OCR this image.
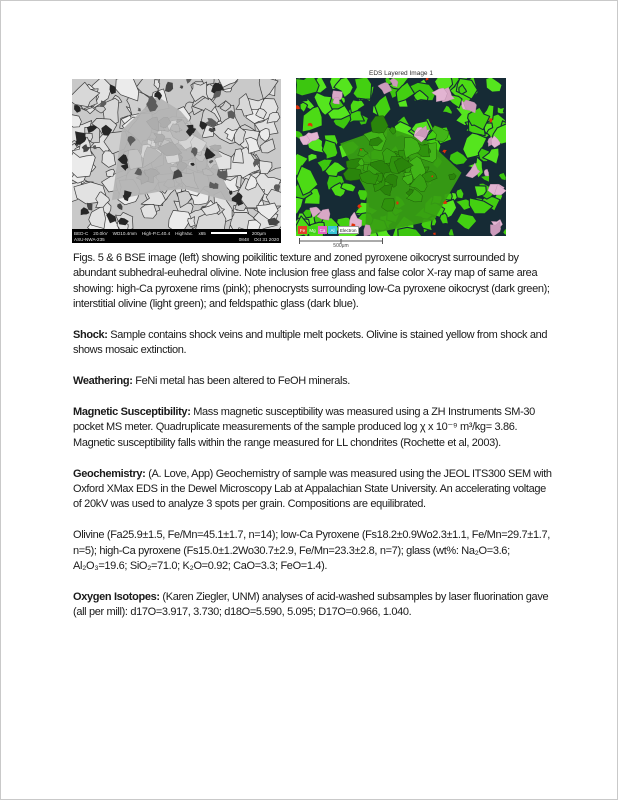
BED-C 20.0kV WD10.4mm High-P.C.40.4 HighVac. x65	200μm
ASU-NWA-235	0848 Oct 31 2020
EDS Layered Image 1
Fe Mg Ca	Al	Electron
500μm

Figs. 5 & 6 BSE image (left) showing poikilitic texture and zoned pyroxene oikocryst surrounded by abundant subhedral-euhedral olivine. Note inclusion free glass and false color X-ray map of same area showing: high-Ca pyroxene rims (pink); phenocrysts surrounding low-Ca pyroxene oikocryst (dark green); interstitial olivine (light green); and feldspathic glass (dark blue).

Shock: Sample contains shock veins and multiple melt pockets. Olivine is stained yellow from shock and shows mosaic extinction.

Weathering: FeNi metal has been altered to FeOH minerals.

Magnetic Susceptibility: Mass magnetic susceptibility was measured using a ZH Instruments SM-30 pocket MS meter. Quadruplicate measurements of the sample produced log χ x 10⁻⁹ m³/kg= 3.86. Magnetic susceptibility falls within the range measured for LL chondrites (Rochette et al, 2003).

Geochemistry: (A. Love, App) Geochemistry of sample was measured using the JEOL ITS300 SEM with Oxford XMax EDS in the Dewel Microscopy Lab at Appalachian State University. An accelerating voltage of 20kV was used to analyze 3 spots per grain. Compositions are equilibrated.

Olivine (Fa25.9±1.5, Fe/Mn=45.1±1.7, n=14); low-Ca Pyroxene (Fs18.2±0.9Wo2.3±1.1, Fe/Mn=29.7±1.7, n=5); high-Ca pyroxene (Fs15.0±1.2Wo30.7±2.9, Fe/Mn=23.3±2.8, n=7); glass (wt%: Na₂O=3.6; Al₂O₃=19.6; SiO₂=71.0; K₂O=0.92; CaO=3.3; FeO=1.4).

Oxygen Isotopes: (Karen Ziegler, UNM) analyses of acid-washed subsamples by laser fluorination gave (all per mill): d17O=3.917, 3.730; d18O=5.590, 5.095; D17O=0.966, 1.040.
